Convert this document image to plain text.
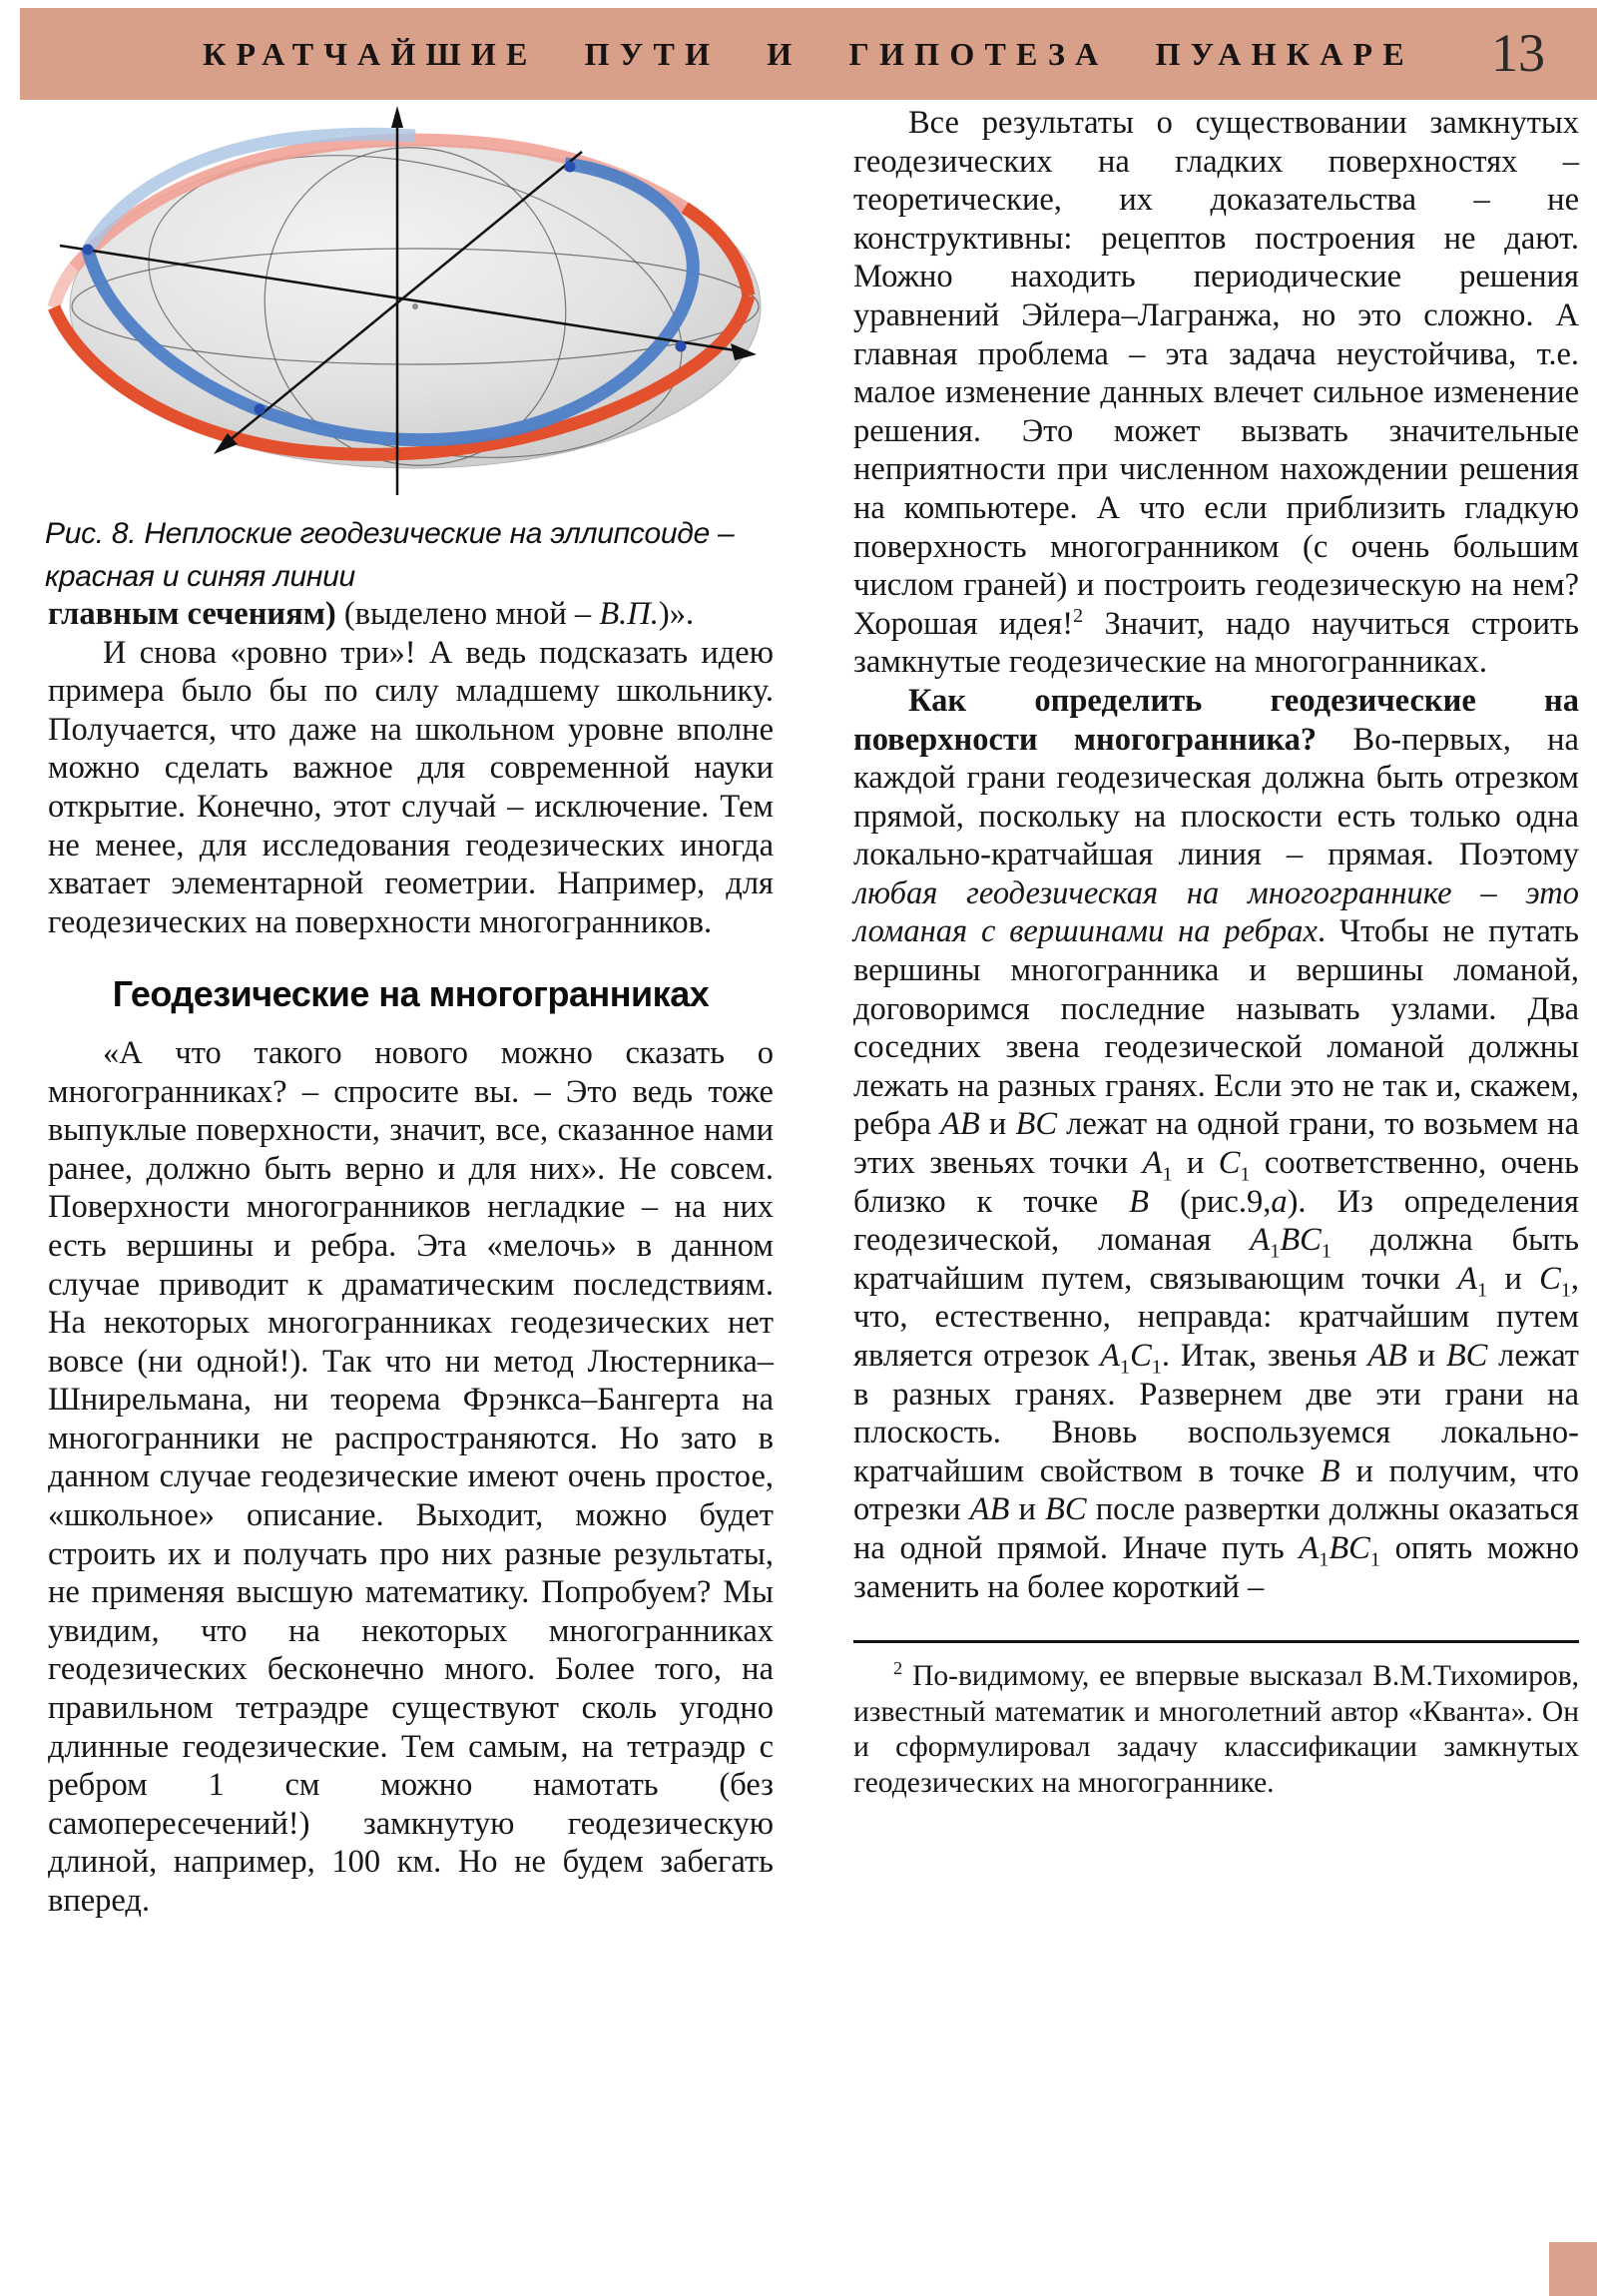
КРАТЧАЙШИЕ ПУТИ И ГИПОТЕЗА ПУАНКАРЕ 13
Рис. 8. Неплоские геодезические на эллипсоиде – красная и синяя линии

главным сечениям) (выделено мной – В.П.)».

И снова «ровно три»! А ведь подсказать идею примера было бы по силу младшему школьнику. Получается, что даже на школьном уровне вполне можно сделать важное для современной науки открытие. Конечно, этот случай – исключение. Тем не менее, для исследования геодезических иногда хватает элементарной геометрии. Например, для геодезических на поверхности многогранников.

Геодезические на многогранниках

«А что такого нового можно сказать о многогранниках? – спросите вы. – Это ведь тоже выпуклые поверхности, значит, все, сказанное нами ранее, должно быть верно и для них». Не совсем. Поверхности многогранников негладкие – на них есть вершины и ребра. Эта «мелочь» в данном случае приводит к драматическим последствиям. На некоторых многогранниках геодезических нет вовсе (ни одной!). Так что ни метод Люстерника–Шнирельмана, ни теорема Фрэнкса–Бангерта на многогранники не распространяются. Но зато в данном случае геодезические имеют очень простое, «школьное» описание. Выходит, можно будет строить их и получать про них разные результаты, не применяя высшую математику. Попробуем? Мы увидим, что на некоторых многогранниках геодезических бесконечно много. Более того, на правильном тетраэдре существуют сколь угодно длинные геодезические. Тем самым, на тетраэдр с ребром 1 см можно намотать (без самопересечений!) замкнутую геодезическую длиной, например, 100 км. Но не будем забегать вперед.

Все результаты о существовании замкнутых геодезических на гладких поверхностях – теоретические, их доказательства – не конструктивны: рецептов построения не дают. Можно находить периодические решения уравнений Эйлера–Лагранжа, но это сложно. А главная проблема – эта задача неустойчива, т.е. малое изменение данных влечет сильное изменение решения. Это может вызвать значительные неприятности при численном нахождении решения на компьютере. А что если приблизить гладкую поверхность многогранником (с очень большим числом граней) и построить геодезическую на нем? Хорошая идея!$^2$ Значит, надо научиться строить замкнутые геодезические на многогранниках.

Как определить геодезические на поверхности многогранника? Во-первых, на каждой грани геодезическая должна быть отрезком прямой, поскольку на плоскости есть только одна локально-кратчайшая линия – прямая. Поэтому любая геодезическая на многограннике – это ломаная с вершинами на ребрах. Чтобы не путать вершины многогранника и вершины ломаной, договоримся последние называть узлами. Два соседних звена геодезической ломаной должны лежать на разных гранях. Если это не так и, скажем, ребра AB и BC лежат на одной грани, то возьмем на этих звеньях точки $A_1$ и $C_1$ соответственно, очень близко к точке B (рис.9,а). Из определения геодезической, ломаная $A_1BC_1$ должна быть кратчайшим путем, связывающим точки $A_1$ и $C_1$, что, естественно, неправда: кратчайшим путем является отрезок $A_1C_1$. Итак, звенья AB и BC лежат в разных гранях. Развернем две эти грани на плоскость. Вновь воспользуемся локально-кратчайшим свойством в точке B и получим, что отрезки AB и BC после развертки должны оказаться на одной прямой. Иначе путь $A_1BC_1$ опять можно заменить на более короткий –

$^2$ По-видимому, ее впервые высказал В.М.Тихомиров, известный математик и многолетний автор «Кванта». Он и сформулировал задачу классификации замкнутых геодезических на многограннике.
